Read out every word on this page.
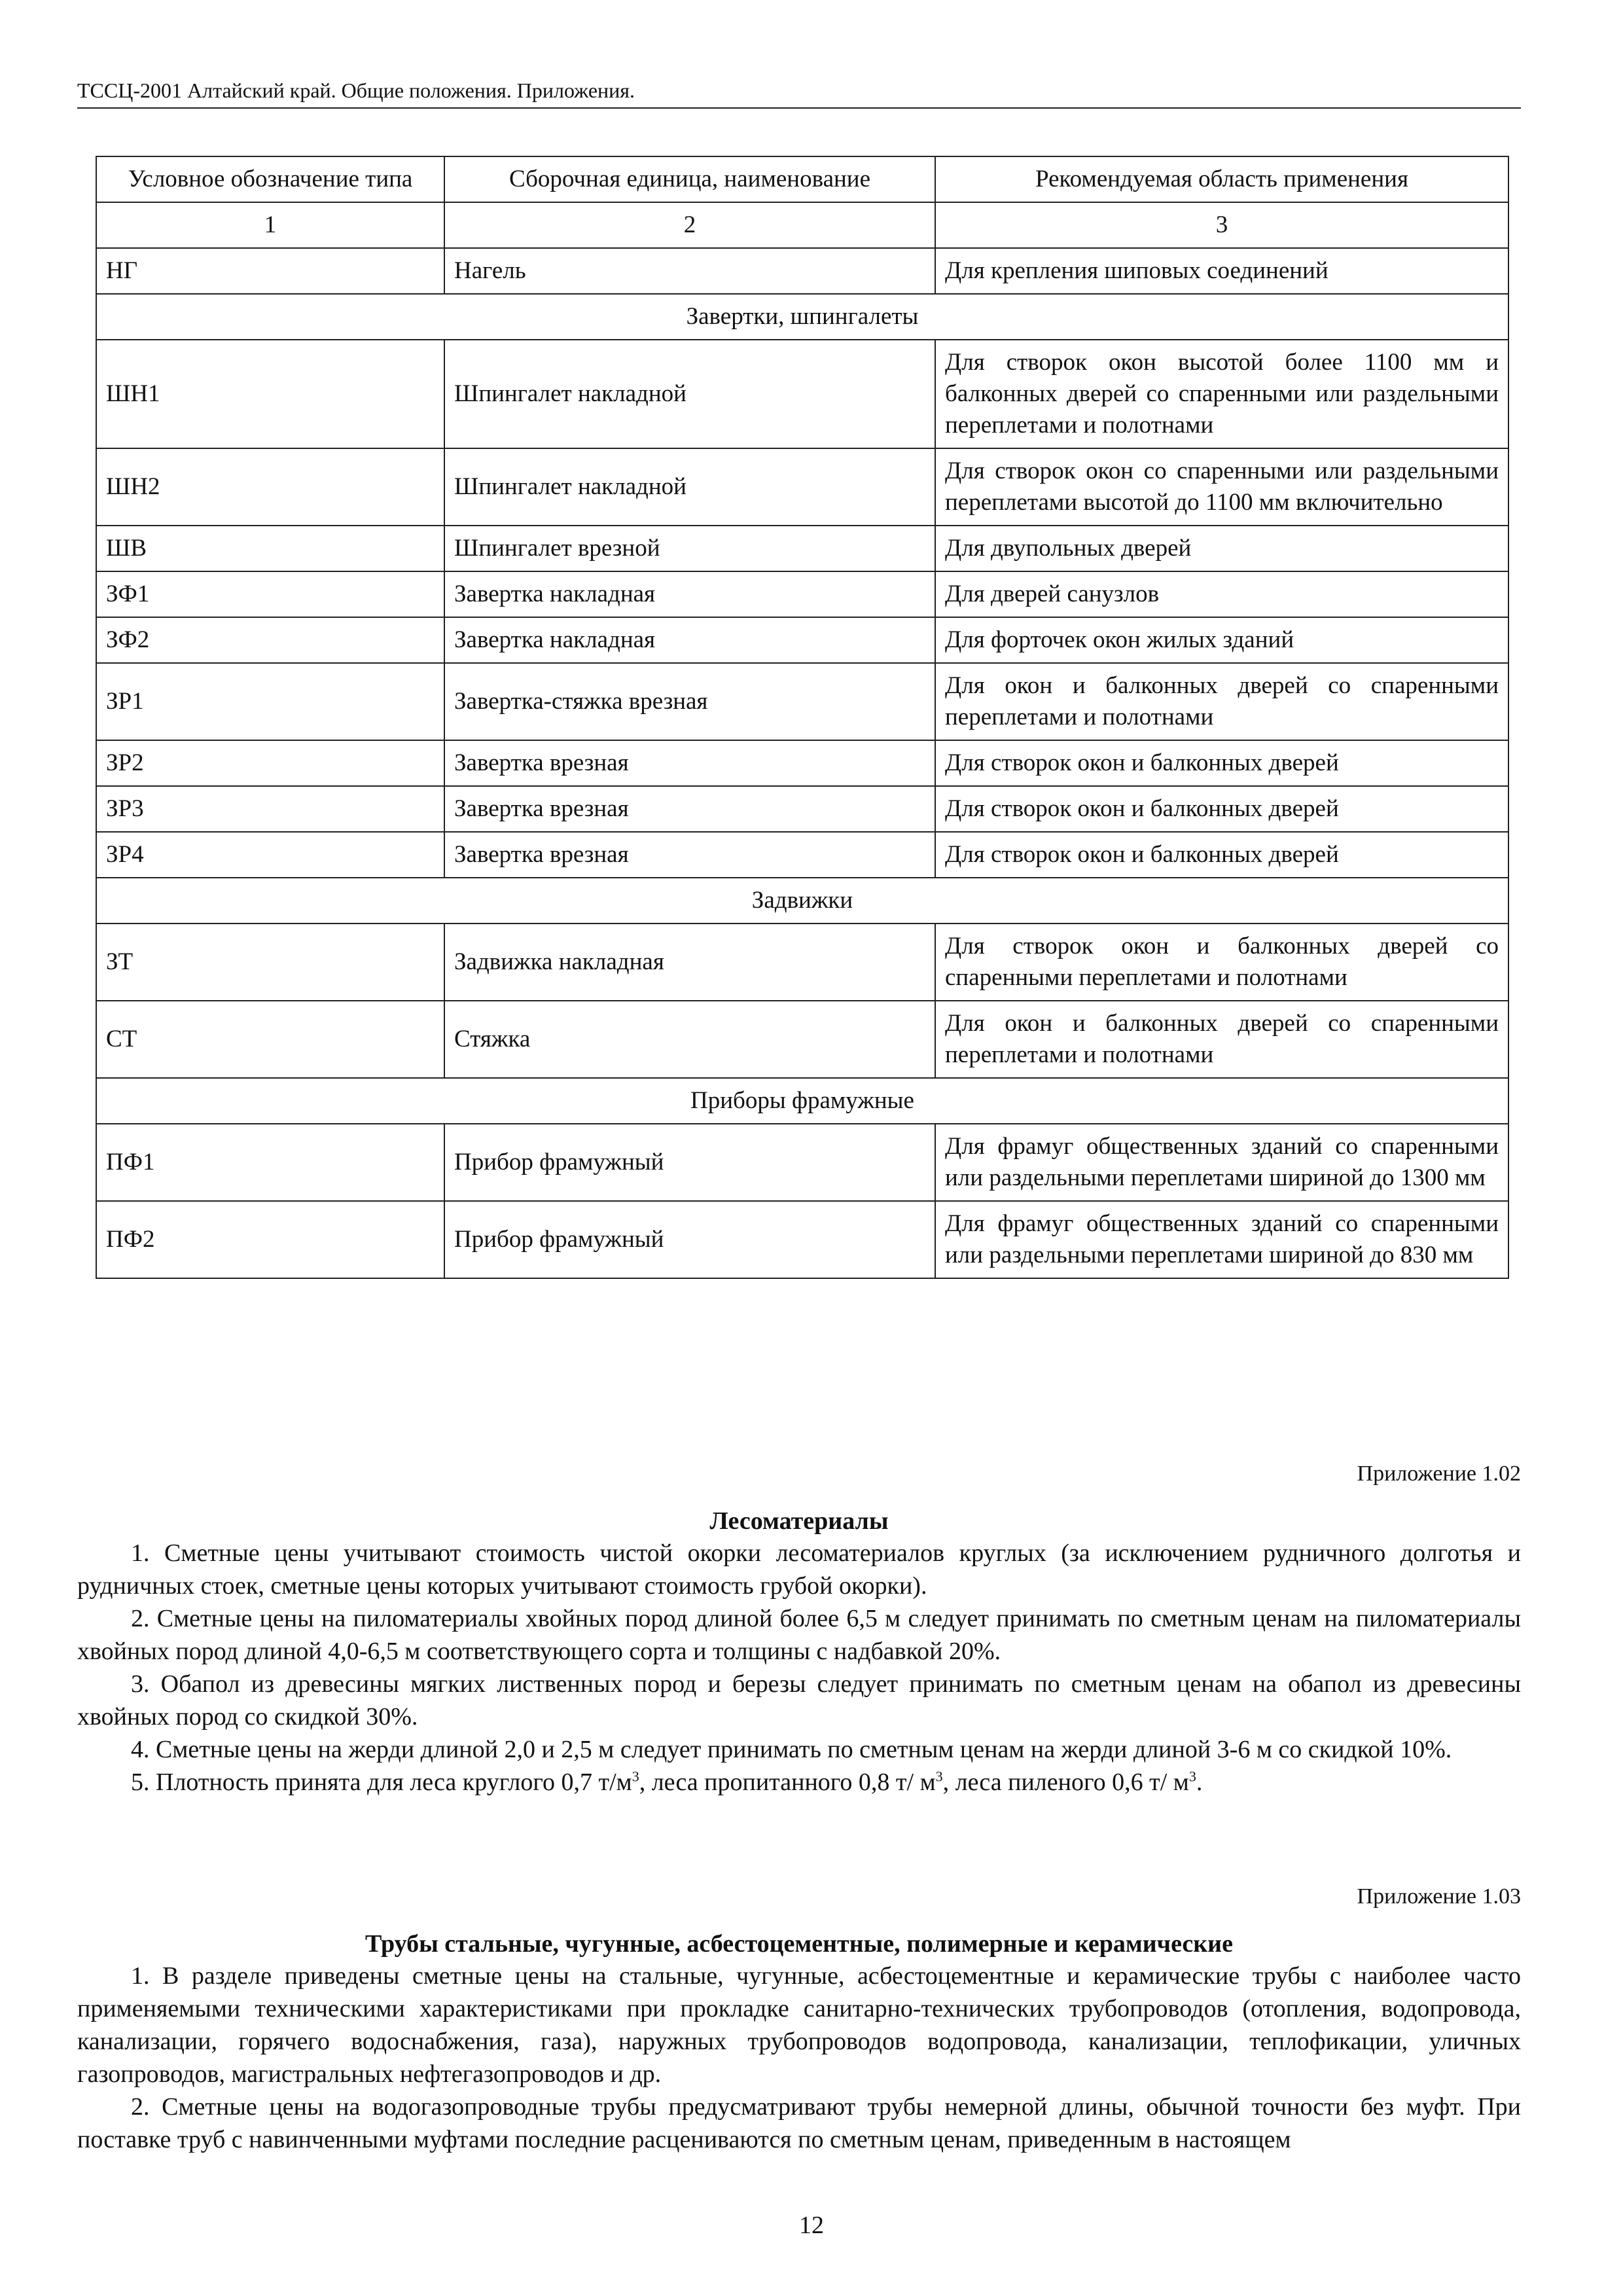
ТССЦ-2001 Алтайский край. Общие положения. Приложения.
Условное обозначение типа	Сборочная единица, наименование	Рекомендуемая область применения
1	2	3
НГ	Нагель	Для крепления шиповых соединений
Завертки, шпингалеты		
ШН1	Шпингалет накладной	Для створок окон высотой более 1100 мм и балконных дверей со спаренными или раздельными переплетами и полотнами
ШН2	Шпингалет накладной	Для створок окон со спаренными или раздельными переплетами высотой до 1100 мм включительно
ШВ	Шпингалет врезной	Для двупольных дверей
ЗФ1	Завертка накладная	Для дверей санузлов
ЗФ2	Завертка накладная	Для форточек окон жилых зданий
ЗР1	Завертка-стяжка врезная	Для окон и балконных дверей со спаренными переплетами и полотнами
ЗР2	Завертка врезная	Для створок окон и балконных дверей
ЗР3	Завертка врезная	Для створок окон и балконных дверей
ЗР4	Завертка врезная	Для створок окон и балконных дверей
Задвижки		
ЗТ	Задвижка накладная	Для створок окон и балконных дверей со спаренными переплетами и полотнами
СТ	Стяжка	Для окон и балконных дверей со спаренными переплетами и полотнами
Приборы фрамужные		
ПФ1	Прибор фрамужный	Для фрамуг общественных зданий со спаренными или раздельными переплетами шириной до 1300 мм
ПФ2	Прибор фрамужный	Для фрамуг общественных зданий со спаренными или раздельными переплетами шириной до 830 мм
Приложение 1.02
Лесоматериалы

1. Сметные цены учитывают стоимость чистой окорки лесоматериалов круглых (за исключением рудничного долготья и рудничных стоек, сметные цены которых учитывают стоимость грубой окорки).

2. Сметные цены на пиломатериалы хвойных пород длиной более 6,5 м следует принимать по сметным ценам на пиломатериалы хвойных пород длиной 4,0-6,5 м соответствующего сорта и толщины с надбавкой 20%.

3. Обапол из древесины мягких лиственных пород и березы следует принимать по сметным ценам на обапол из древесины хвойных пород со скидкой 30%.

4. Сметные цены на жерди длиной 2,0 и 2,5 м следует принимать по сметным ценам на жерди длиной 3-6 м со скидкой 10%.

5. Плотность принята для леса круглого 0,7 $т/м^3$, леса пропитанного 0,8 т/ $м^3$, леса пиленого 0,6 т/ $м^3$.

Приложение 1.03
Трубы стальные, чугунные, асбестоцементные, полимерные и керамические

1. В разделе приведены сметные цены на стальные, чугунные, асбестоцементные и керамические трубы с наиболее часто применяемыми техническими характеристиками при прокладке санитарно-технических трубопроводов (отопления, водопровода, канализации, горячего водоснабжения, газа), наружных трубопроводов водопровода, канализации, теплофикации, уличных газопроводов, магистральных нефтегазопроводов и др.

2. Сметные цены на водогазопроводные трубы предусматривают трубы немерной длины, обычной точности без муфт. При поставке труб с навинченными муфтами последние расцениваются по сметным ценам, приведенным в настоящем

12
